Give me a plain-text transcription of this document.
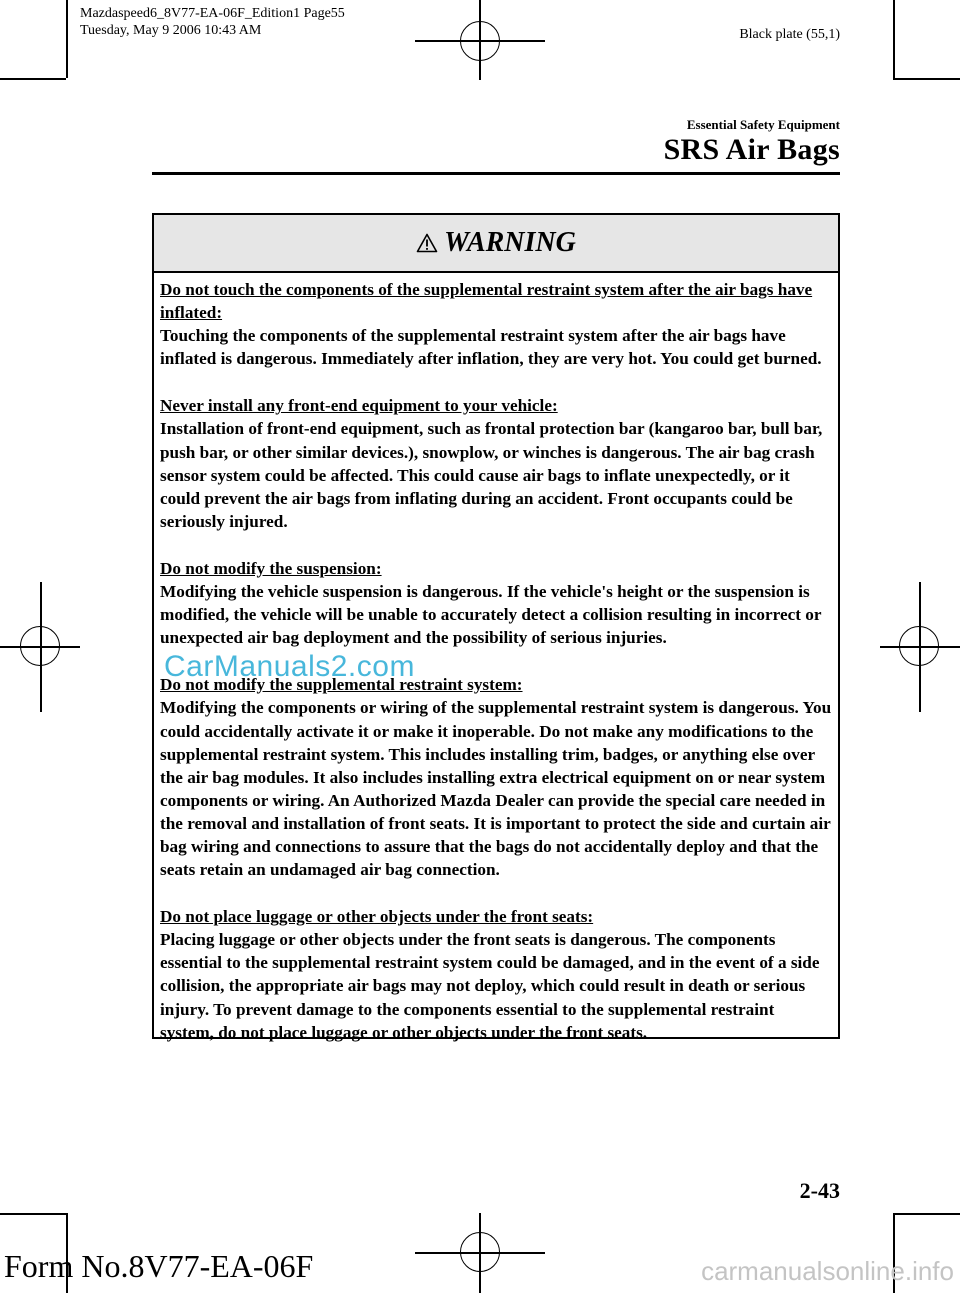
Mazdaspeed6_8V77-EA-06F_Edition1 Page55
Tuesday, May 9 2006 10:43 AM	Black plate (55,1)
Essential Safety Equipment
SRS Air Bags
WARNING

Do not touch the components of the supplemental restraint system after the air bags have inflated:

Touching the components of the supplemental restraint system after the air bags have inflated is dangerous. Immediately after inflation, they are very hot. You could get burned.

Never install any front-end equipment to your vehicle:

Installation of front-end equipment, such as frontal protection bar (kangaroo bar, bull bar, push bar, or other similar devices.), snowplow, or winches is dangerous. The air bag crash sensor system could be affected. This could cause air bags to inflate unexpectedly, or it could prevent the air bags from inflating during an accident. Front occupants could be seriously injured.

Do not modify the suspension:

Modifying the vehicle suspension is dangerous. If the vehicle's height or the suspension is modified, the vehicle will be unable to accurately detect a collision resulting in incorrect or unexpected air bag deployment and the possibility of serious injuries.

Do not modify the supplemental restraint system:

Modifying the components or wiring of the supplemental restraint system is dangerous. You could accidentally activate it or make it inoperable. Do not make any modifications to the supplemental restraint system. This includes installing trim, badges, or anything else over the air bag modules. It also includes installing extra electrical equipment on or near system components or wiring. An Authorized Mazda Dealer can provide the special care needed in the removal and installation of front seats. It is important to protect the side and curtain air bag wiring and connections to assure that the bags do not accidentally deploy and that the seats retain an undamaged air bag connection.

Do not place luggage or other objects under the front seats:

Placing luggage or other objects under the front seats is dangerous. The components essential to the supplemental restraint system could be damaged, and in the event of a side collision, the appropriate air bags may not deploy, which could result in death or serious injury. To prevent damage to the components essential to the supplemental restraint system, do not place luggage or other objects under the front seats.

CarManuals2.com
2-43
Form No.8V77-EA-06F	carmanualsonline.info
